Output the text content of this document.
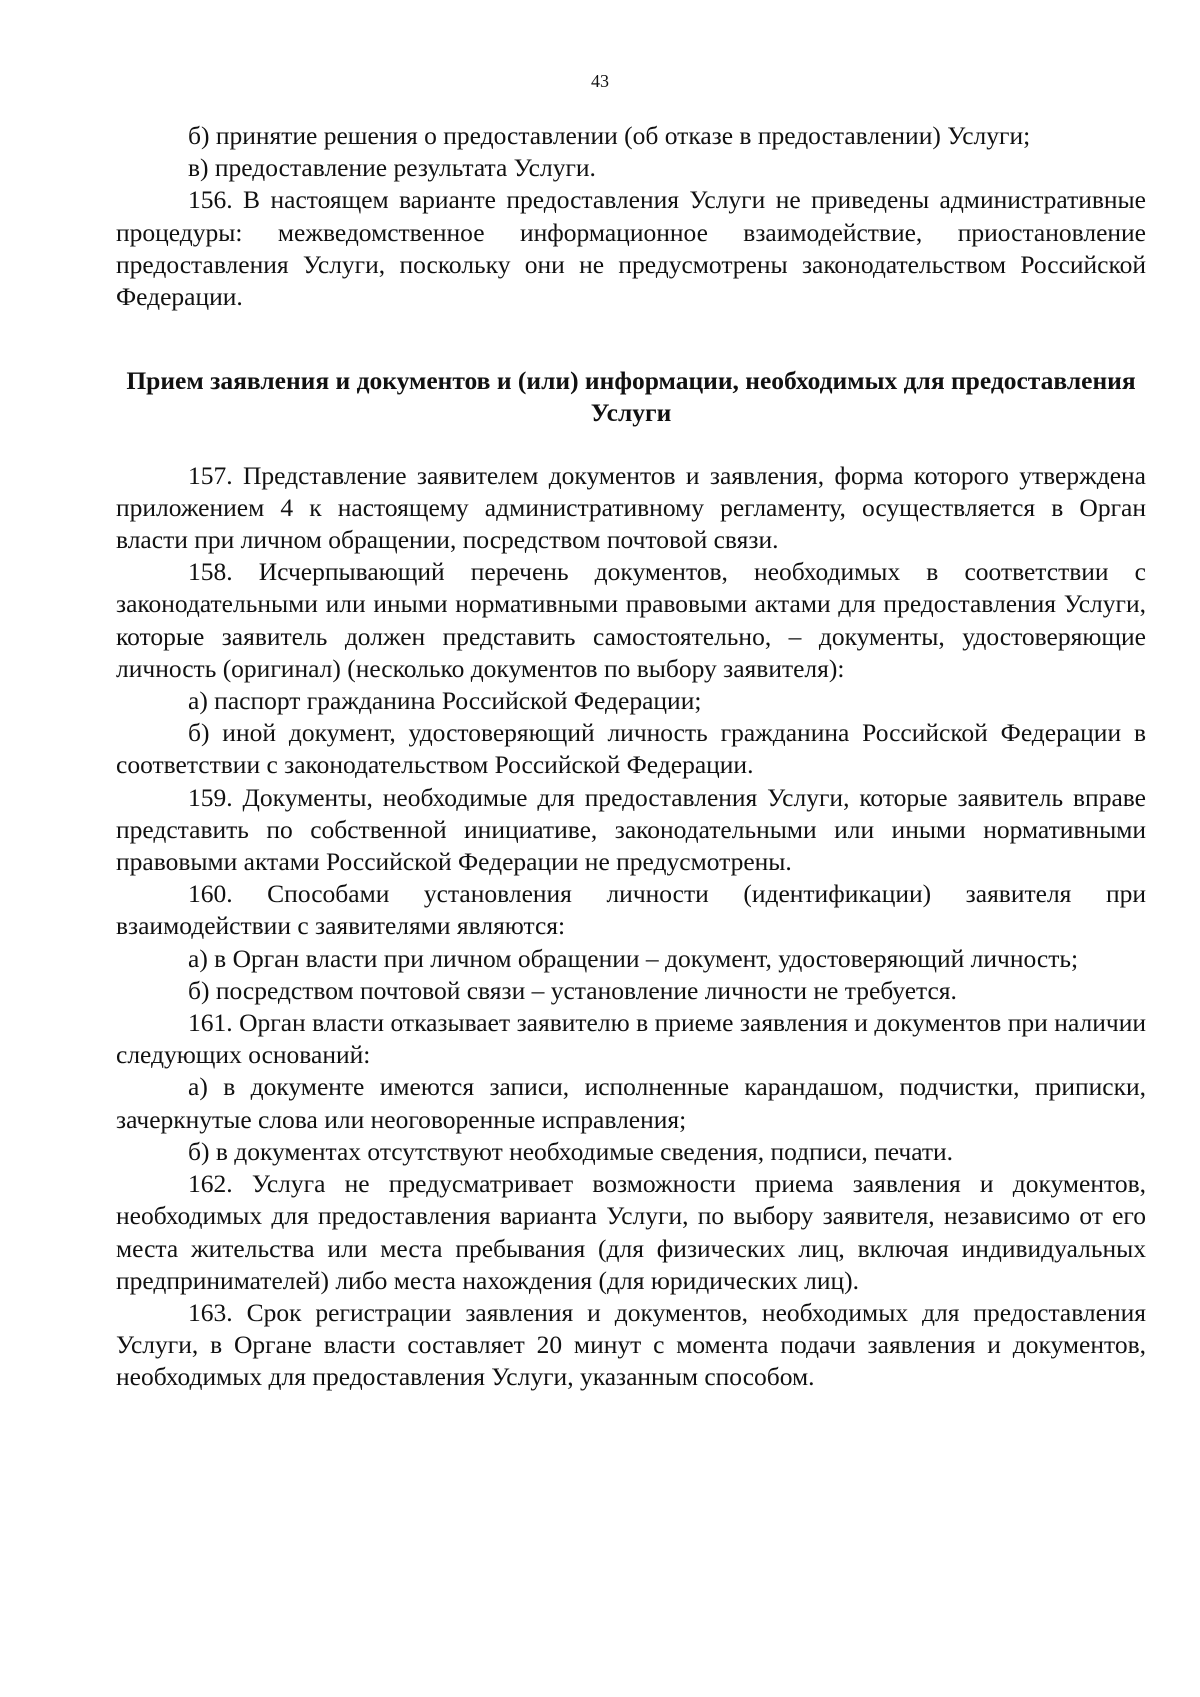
43

б) принятие решения о предоставлении (об отказе в предоставлении) Услуги;

в) предоставление результата Услуги.

156. В настоящем варианте предоставления Услуги не приведены административные процедуры: межведомственное информационное взаимодействие, приостановление предоставления Услуги, поскольку они не предусмотрены законодательством Российской Федерации.

Прием заявления и документов и (или) информации, необходимых для предоставления Услуги

157. Представление заявителем документов и заявления, форма которого утверждена приложением 4 к настоящему административному регламенту, осуществляется в Орган власти при личном обращении, посредством почтовой связи.

158. Исчерпывающий перечень документов, необходимых в соответствии с законодательными или иными нормативными правовыми актами для предоставления Услуги, которые заявитель должен представить самостоятельно, – документы, удостоверяющие личность (оригинал) (несколько документов по выбору заявителя):

а) паспорт гражданина Российской Федерации;

б) иной документ, удостоверяющий личность гражданина Российской Федерации в соответствии с законодательством Российской Федерации.

159. Документы, необходимые для предоставления Услуги, которые заявитель вправе представить по собственной инициативе, законодательными или иными нормативными правовыми актами Российской Федерации не предусмотрены.

160. Способами установления личности (идентификации) заявителя при взаимодействии с заявителями являются:

а) в Орган власти при личном обращении – документ, удостоверяющий личность;

б) посредством почтовой связи – установление личности не требуется.

161. Орган власти отказывает заявителю в приеме заявления и документов при наличии следующих оснований:

а) в документе имеются записи, исполненные карандашом, подчистки, приписки, зачеркнутые слова или неоговоренные исправления;

б) в документах отсутствуют необходимые сведения, подписи, печати.

162. Услуга не предусматривает возможности приема заявления и документов, необходимых для предоставления варианта Услуги, по выбору заявителя, независимо от его места жительства или места пребывания (для физических лиц, включая индивидуальных предпринимателей) либо места нахождения (для юридических лиц).

163. Срок регистрации заявления и документов, необходимых для предоставления Услуги, в Органе власти составляет 20 минут с момента подачи заявления и документов, необходимых для предоставления Услуги, указанным способом.
